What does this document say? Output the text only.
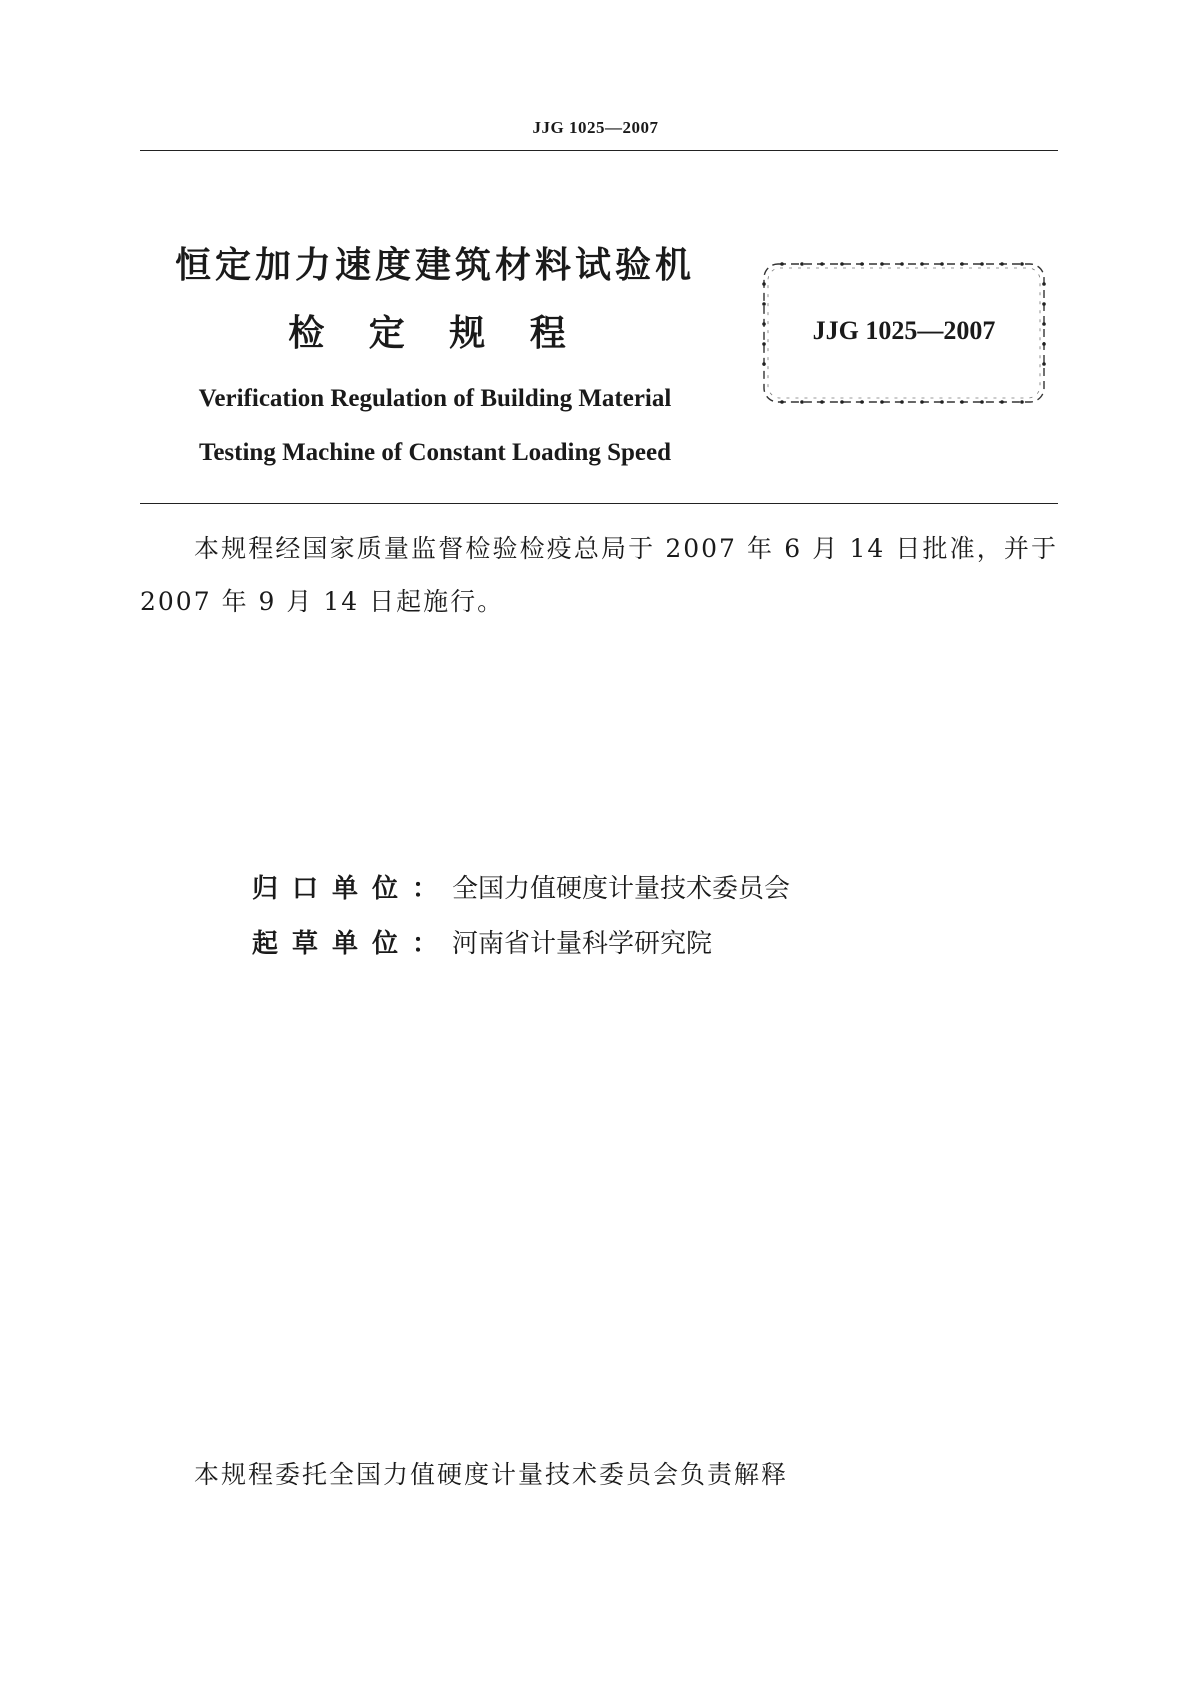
JJG 1025—2007
恒定加力速度建筑材料试验机
检 定 规 程
Verification Regulation of Building Material
Testing Machine of Constant Loading Speed
JJG 1025—2007

本规程经国家质量监督检验检疫总局于 2007 年 6 月 14 日批准，并于 2007 年 9 月 14 日起施行。

归口单位：全国力值硬度计量技术委员会
起草单位：河南省计量科学研究院
本规程委托全国力值硬度计量技术委员会负责解释
